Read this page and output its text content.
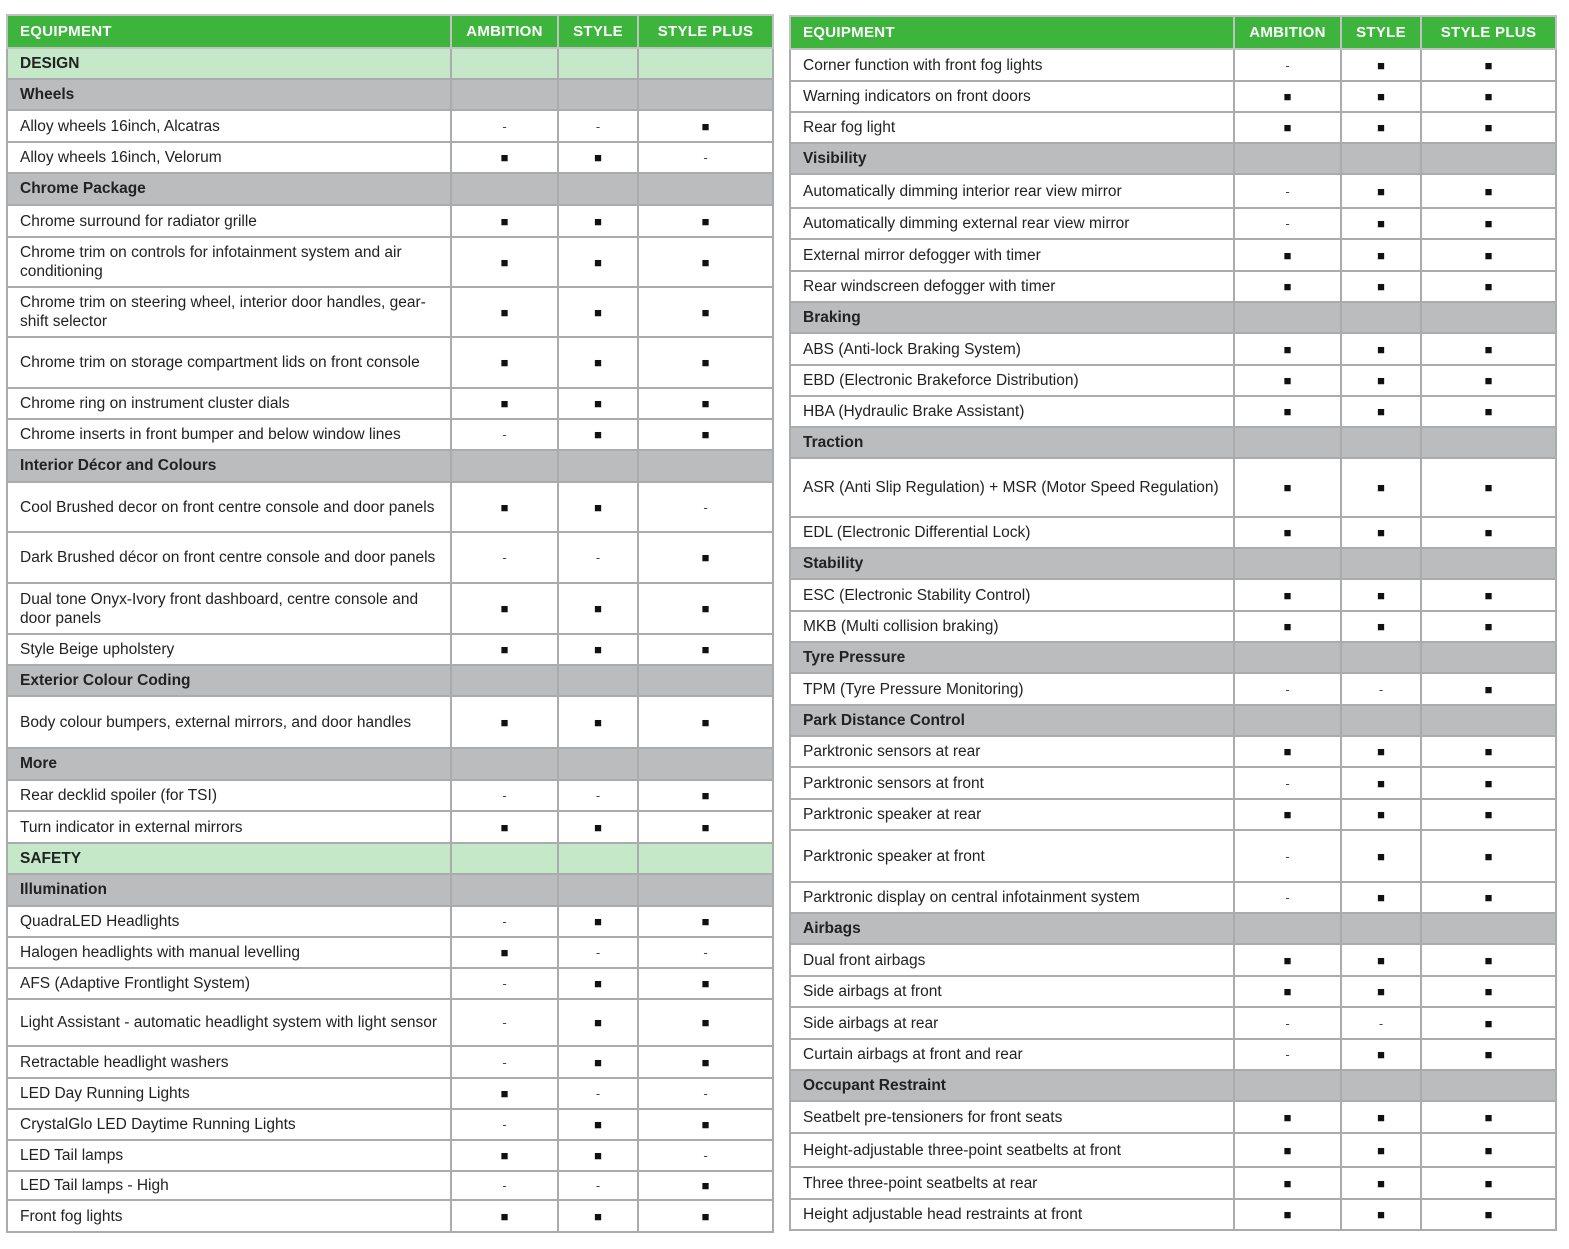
EQUIPMENT	AMBITION	STYLE	STYLE PLUS
DESIGN			
Wheels			
Alloy wheels 16inch, Alcatras	-	-	■
Alloy wheels 16inch, Velorum	■	■	-
Chrome Package			
Chrome surround for radiator grille	■	■	■
Chrome trim on controls for infotainment system and air conditioning	■	■	■
Chrome trim on steering wheel, interior door handles, gear-shift selector	■	■	■
Chrome trim on storage compartment lids on front console	■	■	■
Chrome ring on instrument cluster dials	■	■	■
Chrome inserts in front bumper and below window lines	-	■	■
Interior Décor and Colours			
Cool Brushed decor on front centre console and door panels	■	■	-
Dark Brushed décor on front centre console and door panels	-	-	■
Dual tone Onyx-Ivory front dashboard, centre console and door panels	■	■	■
Style Beige upholstery	■	■	■
Exterior Colour Coding			
Body colour bumpers, external mirrors, and door handles	■	■	■
More			
Rear decklid spoiler (for TSI)	-	-	■
Turn indicator in external mirrors	■	■	■
SAFETY			
Illumination			
QuadraLED Headlights	-	■	■
Halogen headlights with manual levelling	■	-	-
AFS (Adaptive Frontlight System)	-	■	■
Light Assistant - automatic headlight system with light sensor	-	■	■
Retractable headlight washers	-	■	■
LED Day Running Lights	■	-	-
CrystalGlo LED Daytime Running Lights	-	■	■
LED Tail lamps	■	■	-
LED Tail lamps - High	-	-	■
Front fog lights	■	■	■
EQUIPMENT	AMBITION	STYLE	STYLE PLUS
Corner function with front fog lights	-	■	■
Warning indicators on front doors	■	■	■
Rear fog light	■	■	■
Visibility			
Automatically dimming interior rear view mirror	-	■	■
Automatically dimming external rear view mirror	-	■	■
External mirror defogger with timer	■	■	■
Rear windscreen defogger with timer	■	■	■
Braking			
ABS (Anti-lock Braking System)	■	■	■
EBD (Electronic Brakeforce Distribution)	■	■	■
HBA (Hydraulic Brake Assistant)	■	■	■
Traction			
ASR (Anti Slip Regulation) + MSR (Motor Speed Regulation)	■	■	■
EDL (Electronic Differential Lock)	■	■	■
Stability			
ESC (Electronic Stability Control)	■	■	■
MKB (Multi collision braking)	■	■	■
Tyre Pressure			
TPM (Tyre Pressure Monitoring)	-	-	■
Park Distance Control			
Parktronic sensors at rear	■	■	■
Parktronic sensors at front	-	■	■
Parktronic speaker at rear	■	■	■
Parktronic speaker at front	-	■	■
Parktronic display on central infotainment system	-	■	■
Airbags			
Dual front airbags	■	■	■
Side airbags at front	■	■	■
Side airbags at rear	-	-	■
Curtain airbags at front and rear	-	■	■
Occupant Restraint			
Seatbelt pre-tensioners for front seats	■	■	■
Height-adjustable three-point seatbelts at front	■	■	■
Three three-point seatbelts at rear	■	■	■
Height adjustable head restraints at front	■	■	■
